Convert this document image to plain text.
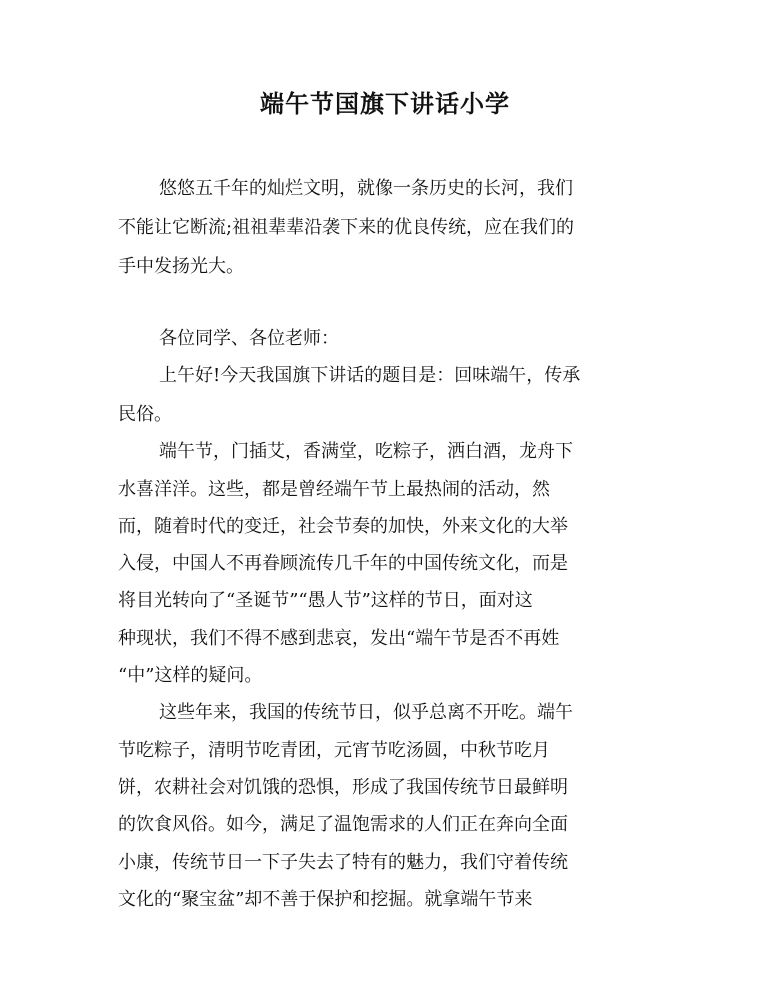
端午节国旗下讲话小学
悠悠五千年的灿烂文明，就像一条历史的长河，我们
不能让它断流;祖祖辈辈沿袭下来的优良传统，应在我们的
手中发扬光大。
各位同学、各位老师：
上午好!今天我国旗下讲话的题目是：回味端午，传承
民俗。
端午节，门插艾，香满堂，吃粽子，洒白酒，龙舟下
水喜洋洋。这些，都是曾经端午节上最热闹的活动，然
而，随着时代的变迁，社会节奏的加快，外来文化的大举
入侵，中国人不再眷顾流传几千年的中国传统文化，而是
将目光转向了“圣诞节”“愚人节”这样的节日，面对这
种现状，我们不得不感到悲哀，发出“端午节是否不再姓
“中”这样的疑问。
这些年来，我国的传统节日，似乎总离不开吃。端午
节吃粽子，清明节吃青团，元宵节吃汤圆，中秋节吃月
饼，农耕社会对饥饿的恐惧，形成了我国传统节日最鲜明
的饮食风俗。如今，满足了温饱需求的人们正在奔向全面
小康，传统节日一下子失去了特有的魅力，我们守着传统
文化的“聚宝盆”却不善于保护和挖掘。就拿端午节来
